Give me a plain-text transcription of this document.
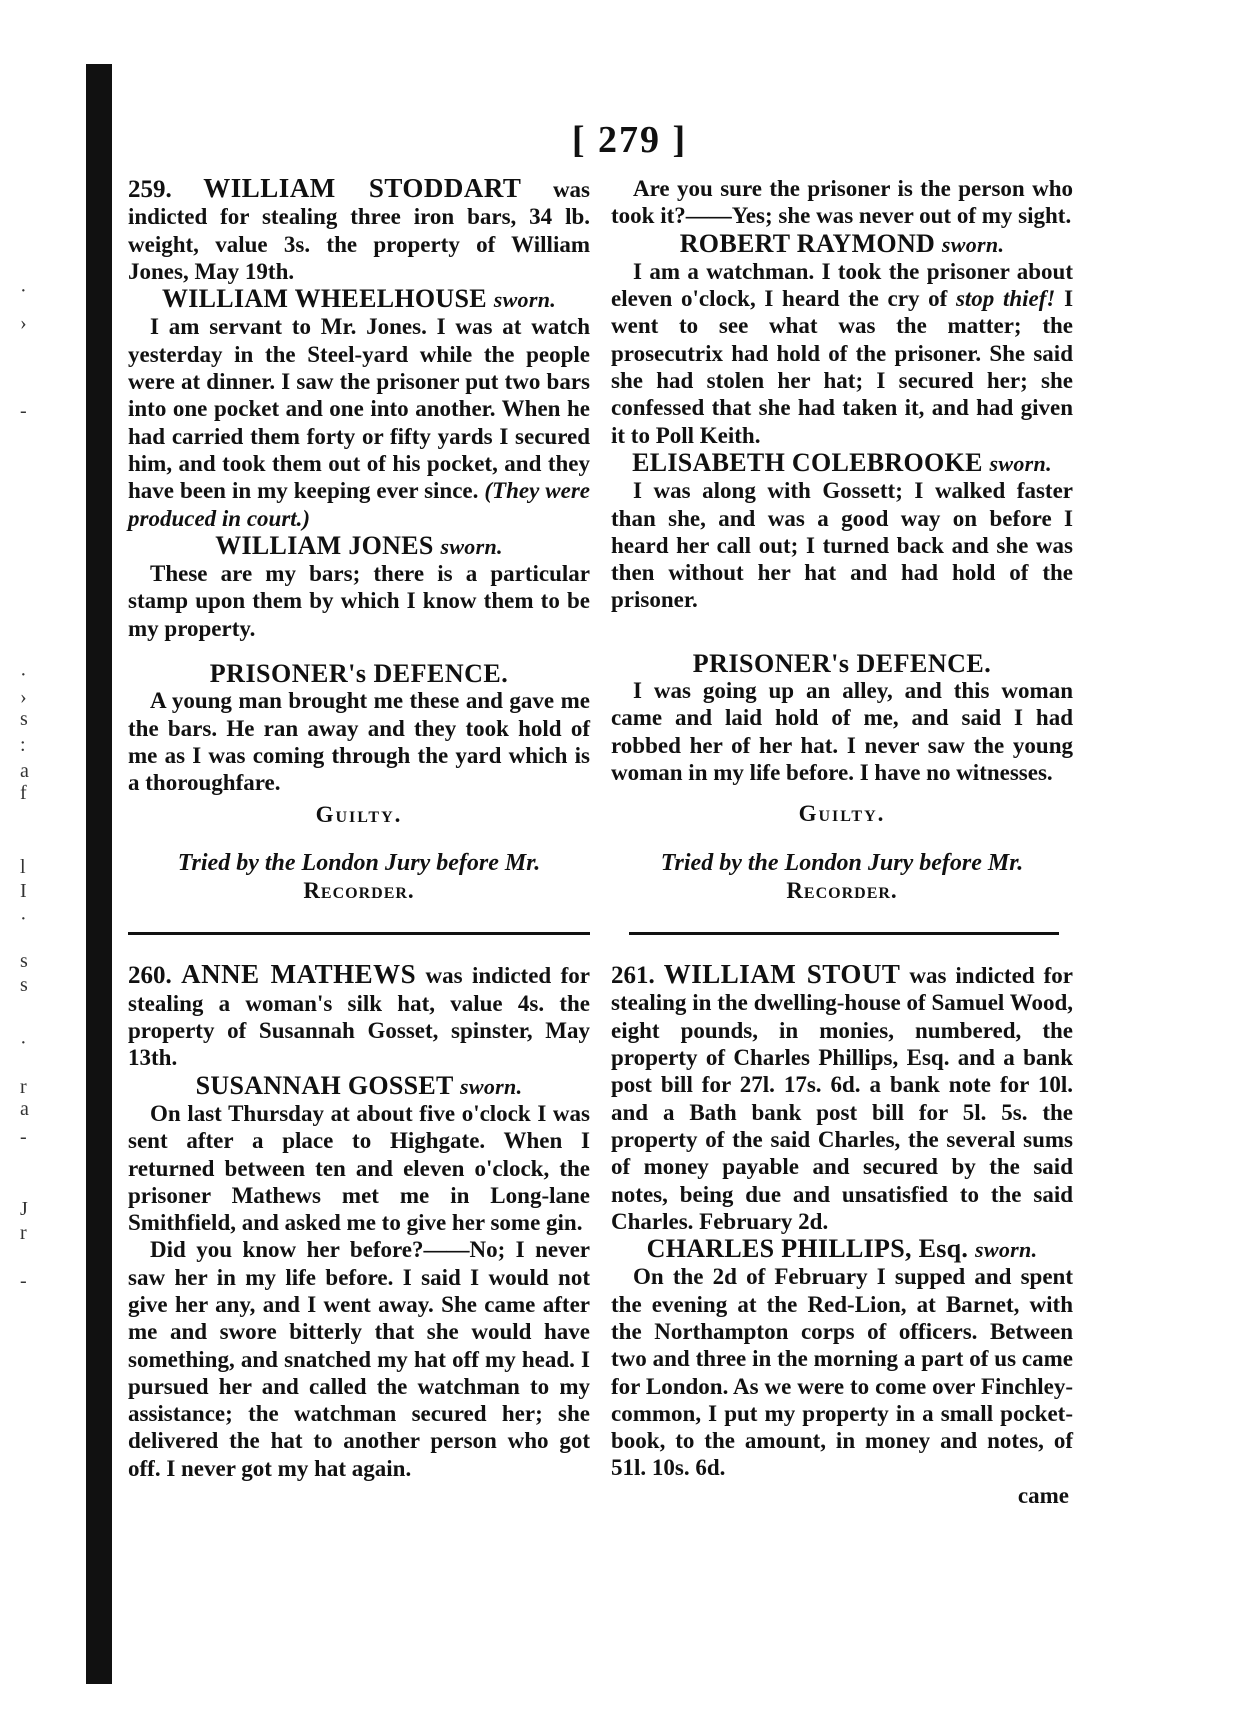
·
›
-
·
›
s
:
a
f
l
I
·
s
s
·
r
a
-
J
r
-
[ 279 ]

259. WILLIAM STODDART was indicted for stealing three iron bars, 34 lb. weight, value 3s. the property of William Jones, May 19th.

WILLIAM WHEELHOUSE sworn.

I am servant to Mr. Jones. I was at watch yesterday in the Steel-yard while the people were at dinner. I saw the prisoner put two bars into one pocket and one into another. When he had carried them forty or fifty yards I secured him, and took them out of his pocket, and they have been in my keeping ever since. (They were produced in court.)

WILLIAM JONES sworn.

These are my bars; there is a particular stamp upon them by which I know them to be my property.

PRISONER's DEFENCE.

A young man brought me these and gave me the bars. He ran away and they took hold of me as I was coming through the yard which is a thoroughfare.

Guilty.

Tried by the London Jury before Mr.

Recorder.

260. ANNE MATHEWS was indicted for stealing a woman's silk hat, value 4s. the property of Susannah Gosset, spinster, May 13th.

SUSANNAH GOSSET sworn.

On last Thursday at about five o'clock I was sent after a place to Highgate. When I returned between ten and eleven o'clock, the prisoner Mathews met me in Long-lane Smithfield, and asked me to give her some gin.

Did you know her before?——No; I never saw her in my life before. I said I would not give her any, and I went away. She came after me and swore bitterly that she would have something, and snatched my hat off my head. I pursued her and called the watchman to my assistance; the watchman secured her; she delivered the hat to another person who got off. I never got my hat again.

Are you sure the prisoner is the person who took it?——Yes; she was never out of my sight.

ROBERT RAYMOND sworn.

I am a watchman. I took the prisoner about eleven o'clock, I heard the cry of stop thief! I went to see what was the matter; the prosecutrix had hold of the prisoner. She said she had stolen her hat; I secured her; she confessed that she had taken it, and had given it to Poll Keith.

ELISABETH COLEBROOKE sworn.

I was along with Gossett; I walked faster than she, and was a good way on before I heard her call out; I turned back and she was then without her hat and had hold of the prisoner.

PRISONER's DEFENCE.

I was going up an alley, and this woman came and laid hold of me, and said I had robbed her of her hat. I never saw the young woman in my life before. I have no witnesses.

Guilty.

Tried by the London Jury before Mr.

Recorder.

261. WILLIAM STOUT was indicted for stealing in the dwelling-house of Samuel Wood, eight pounds, in monies, numbered, the property of Charles Phillips, Esq. and a bank post bill for 27l. 17s. 6d. a bank note for 10l. and a Bath bank post bill for 5l. 5s. the property of the said Charles, the several sums of money payable and secured by the said notes, being due and unsatisfied to the said Charles. February 2d.

CHARLES PHILLIPS, Esq. sworn.

On the 2d of February I supped and spent the evening at the Red-Lion, at Barnet, with the Northampton corps of officers. Between two and three in the morning a part of us came for London. As we were to come over Finchley-common, I put my property in a small pocket-book, to the amount, in money and notes, of 51l. 10s. 6d.

came
